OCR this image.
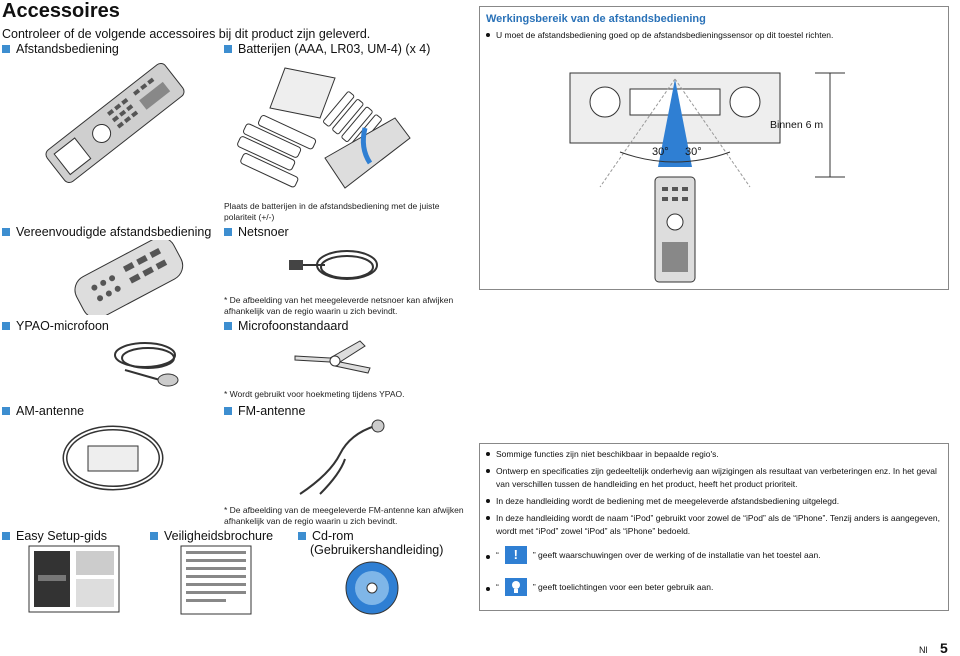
Accessoires
Controleer of de volgende accessoires bij dit product zijn geleverd.
Afstandsbediening	Batterijen (AAA, LR03, UM-4) (x 4)
Plaats de batterijen in de afstandsbediening met de juiste polariteit (+/-)
Werkingsbereik van de afstandsbediening
U moet de afstandsbediening goed op de afstandsbedieningssensor op dit toestel richten.
Binnen 6 m
30° 30°
Vereenvoudigde afstandsbediening Netsnoer
* De afbeelding van het meegeleverde netsnoer kan afwijken afhankelijk van de regio waarin u zich bevindt.
YPAO-microfoon	Microfoonstandaard
* Wordt gebruikt voor hoekmeting tijdens YPAO.
AM-antenne	FM-antenne
* De afbeelding van de meegeleverde FM-antenne kan afwijken afhankelijk van de regio waarin u zich bevindt.
Sommige functies zijn niet beschikbaar in bepaalde regio's.
Ontwerp en specificaties zijn gedeeltelijk onderhevig aan wijzigingen als resultaat van verbeteringen enz. In het geval van verschillen tussen de handleiding en het product, heeft het product prioriteit.
In deze handleiding wordt de bediening met de meegeleverde afstandsbediening uitgelegd.
In deze handleiding wordt de naam “iPod” gebruikt voor zowel de “iPod” als de “iPhone”. Tenzij anders is aangegeven, wordt met “iPod” zowel “iPod” als “iPhone” bedoeld.
“	!	” geeft waarschuwingen over de werking of de installatie van het toestel aan.
“	” geeft toelichtingen voor een beter gebruik aan.
Easy Setup-gids	Veiligheidsbrochure	Cd-rom
(Gebruikershandleiding)
Nl 5
